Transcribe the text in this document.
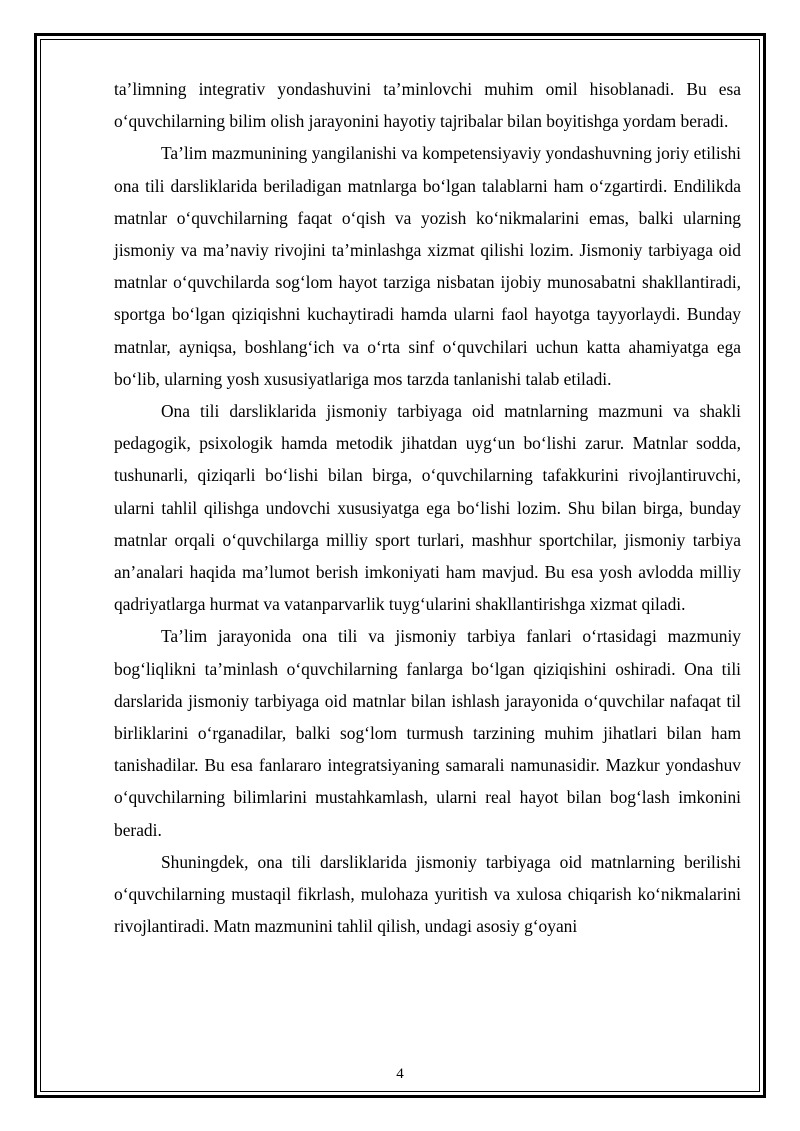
ta’limning integrativ yondashuvini ta’minlovchi muhim omil hisoblanadi. Bu esa o‘quvchilarning bilim olish jarayonini hayotiy tajribalar bilan boyitishga yordam beradi.

Ta’lim mazmunining yangilanishi va kompetensiyaviy yondashuvning joriy etilishi ona tili darsliklarida beriladigan matnlarga bo‘lgan talablarni ham o‘zgartirdi. Endilikda matnlar o‘quvchilarning faqat o‘qish va yozish ko‘nikmalarini emas, balki ularning jismoniy va ma’naviy rivojini ta’minlashga xizmat qilishi lozim. Jismoniy tarbiyaga oid matnlar o‘quvchilarda sog‘lom hayot tarziga nisbatan ijobiy munosabatni shakllantiradi, sportga bo‘lgan qiziqishni kuchaytiradi hamda ularni faol hayotga tayyorlaydi. Bunday matnlar, ayniqsa, boshlang‘ich va o‘rta sinf o‘quvchilari uchun katta ahamiyatga ega bo‘lib, ularning yosh xususiyatlariga mos tarzda tanlanishi talab etiladi.

Ona tili darsliklarida jismoniy tarbiyaga oid matnlarning mazmuni va shakli pedagogik, psixologik hamda metodik jihatdan uyg‘un bo‘lishi zarur. Matnlar sodda, tushunarli, qiziqarli bo‘lishi bilan birga, o‘quvchilarning tafakkurini rivojlantiruvchi, ularni tahlil qilishga undovchi xususiyatga ega bo‘lishi lozim. Shu bilan birga, bunday matnlar orqali o‘quvchilarga milliy sport turlari, mashhur sportchilar, jismoniy tarbiya an’analari haqida ma’lumot berish imkoniyati ham mavjud. Bu esa yosh avlodda milliy qadriyatlarga hurmat va vatanparvarlik tuyg‘ularini shakllantirishga xizmat qiladi.

Ta’lim jarayonida ona tili va jismoniy tarbiya fanlari o‘rtasidagi mazmuniy bog‘liqlikni ta’minlash o‘quvchilarning fanlarga bo‘lgan qiziqishini oshiradi. Ona tili darslarida jismoniy tarbiyaga oid matnlar bilan ishlash jarayonida o‘quvchilar nafaqat til birliklarini o‘rganadilar, balki sog‘lom turmush tarzining muhim jihatlari bilan ham tanishadilar. Bu esa fanlararo integratsiyaning samarali namunasidir. Mazkur yondashuv o‘quvchilarning bilimlarini mustahkamlash, ularni real hayot bilan bog‘lash imkonini beradi.

Shuningdek, ona tili darsliklarida jismoniy tarbiyaga oid matnlarning berilishi o‘quvchilarning mustaqil fikrlash, mulohaza yuritish va xulosa chiqarish ko‘nikmalarini rivojlantiradi. Matn mazmunini tahlil qilish, undagi asosiy g‘oyani

4
